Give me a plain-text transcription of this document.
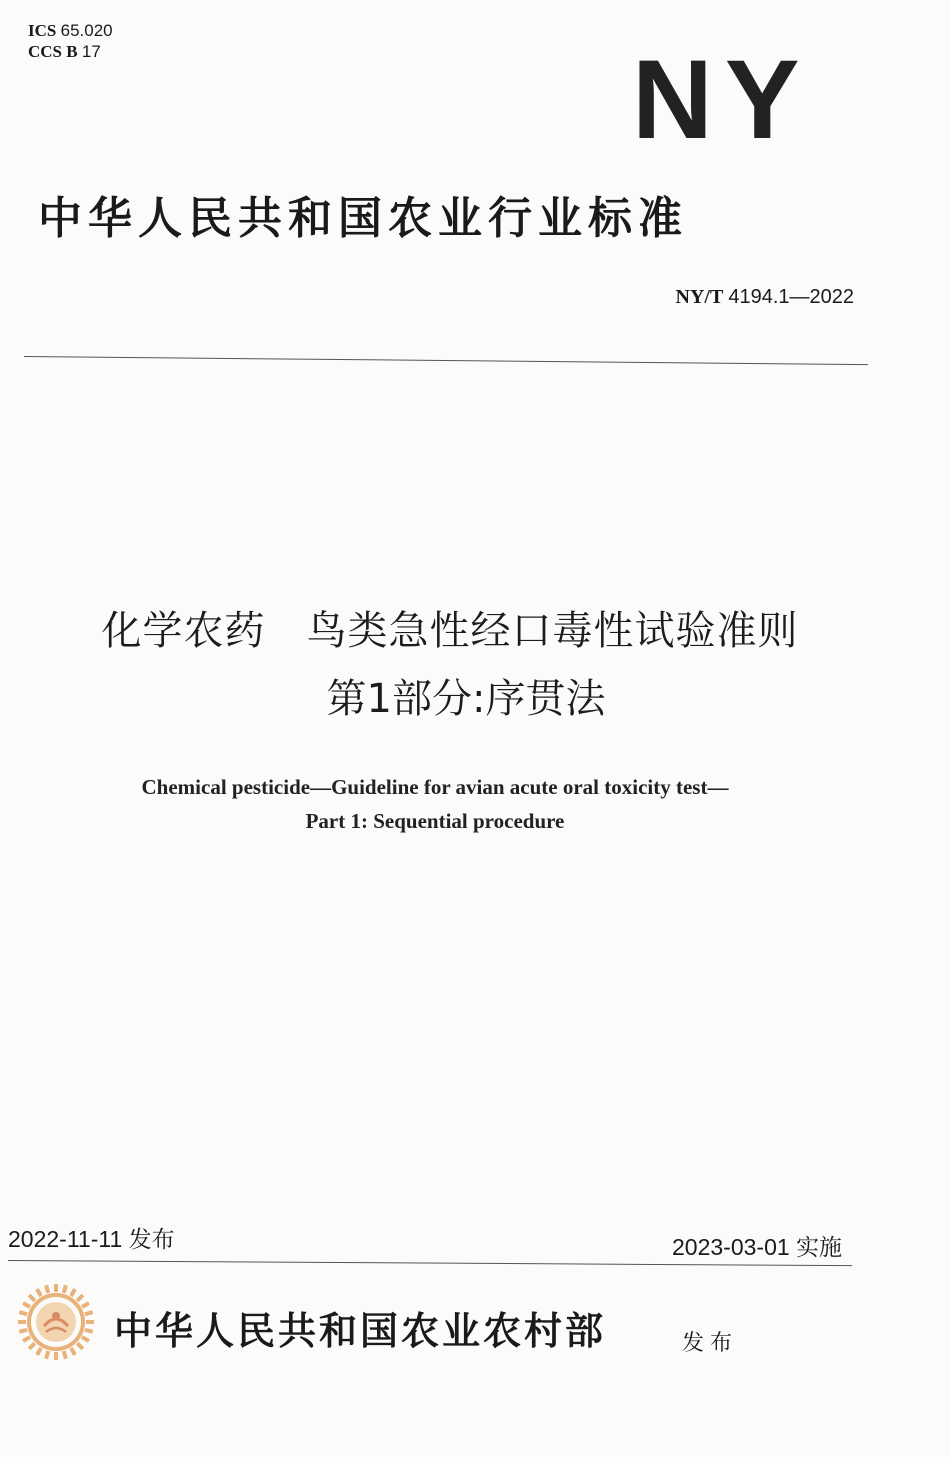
ICS 65.020
CCS B 17	NY
中华人民共和国农业行业标准
NY/T 4194.1—2022
化学农药　鸟类急性经口毒性试验准则
第1部分:序贯法
Chemical pesticide—Guideline for avian acute oral toxicity test—
Part 1: Sequential procedure
2022-11-11 发布	2023-03-01 实施
中华人民共和国农业农村部	发布
